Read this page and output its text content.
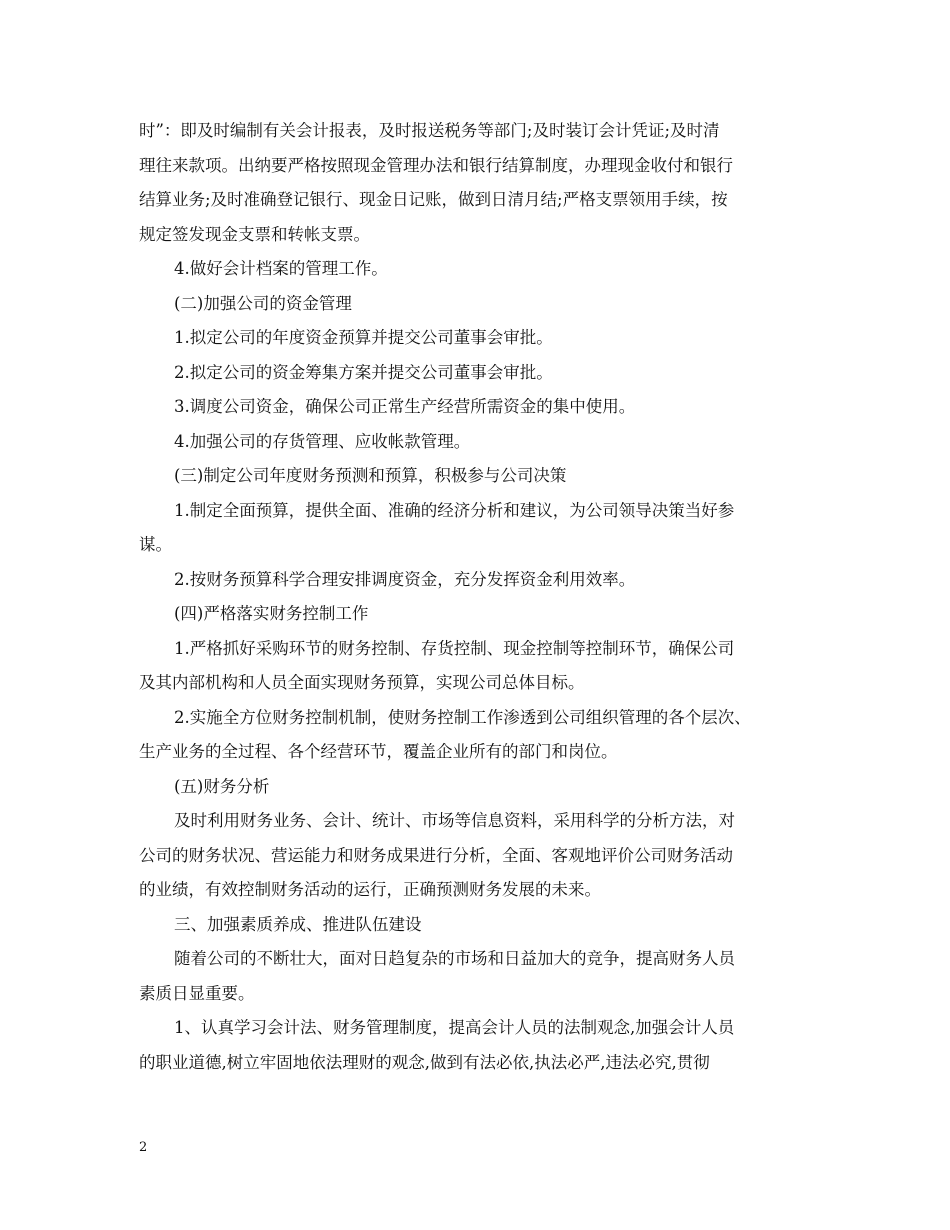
时”：即及时编制有关会计报表，及时报送税务等部门;及时装订会计凭证;及时清
理往来款项。出纳要严格按照现金管理办法和银行结算制度，办理现金收付和银行
结算业务;及时准确登记银行、现金日记账，做到日清月结;严格支票领用手续，按
规定签发现金支票和转帐支票。
4.做好会计档案的管理工作。
(二)加强公司的资金管理
1.拟定公司的年度资金预算并提交公司董事会审批。
2.拟定公司的资金筹集方案并提交公司董事会审批。
3.调度公司资金，确保公司正常生产经营所需资金的集中使用。
4.加强公司的存货管理、应收帐款管理。
(三)制定公司年度财务预测和预算，积极参与公司决策
1.制定全面预算，提供全面、准确的经济分析和建议，为公司领导决策当好参
谋。
2.按财务预算科学合理安排调度资金，充分发挥资金利用效率。
(四)严格落实财务控制工作
1.严格抓好采购环节的财务控制、存货控制、现金控制等控制环节，确保公司
及其内部机构和人员全面实现财务预算，实现公司总体目标。
2.实施全方位财务控制机制，使财务控制工作渗透到公司组织管理的各个层次、
生产业务的全过程、各个经营环节，覆盖企业所有的部门和岗位。
(五)财务分析
及时利用财务业务、会计、统计、市场等信息资料，采用科学的分析方法，对
公司的财务状况、营运能力和财务成果进行分析，全面、客观地评价公司财务活动
的业绩，有效控制财务活动的运行，正确预测财务发展的未来。
三、加强素质养成、推进队伍建设
随着公司的不断壮大，面对日趋复杂的市场和日益加大的竞争，提高财务人员
素质日显重要。
1、认真学习会计法、财务管理制度，提高会计人员的法制观念,加强会计人员
的职业道德,树立牢固地依法理财的观念,做到有法必依,执法必严,违法必究,贯彻
2
